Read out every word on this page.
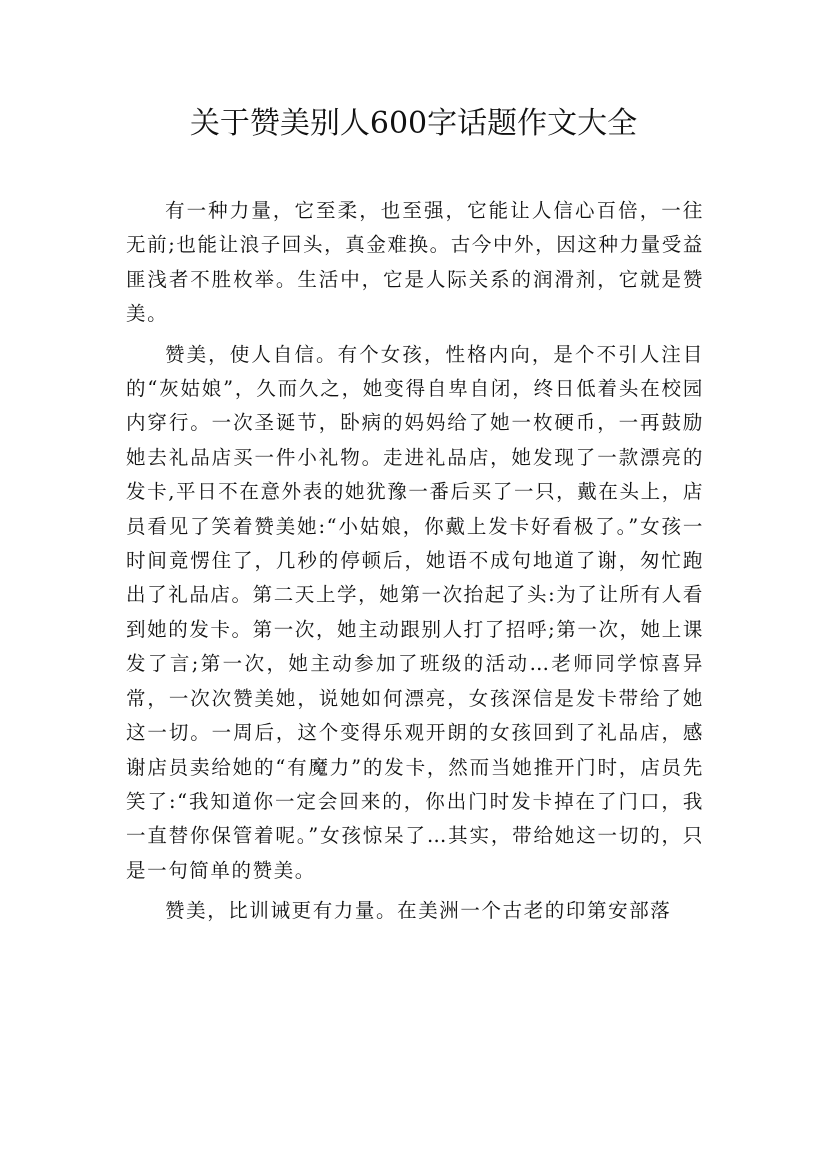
关于赞美别人600字话题作文大全

有一种力量，它至柔，也至强，它能让人信心百倍，一往无前;也能让浪子回头，真金难换。古今中外，因这种力量受益匪浅者不胜枚举。生活中，它是人际关系的润滑剂，它就是赞美。

赞美，使人自信。有个女孩，性格内向，是个不引人注目的“灰姑娘”，久而久之，她变得自卑自闭，终日低着头在校园内穿行。一次圣诞节，卧病的妈妈给了她一枚硬币，一再鼓励她去礼品店买一件小礼物。走进礼品店，她发现了一款漂亮的发卡,平日不在意外表的她犹豫一番后买了一只，戴在头上，店员看见了笑着赞美她:“小姑娘，你戴上发卡好看极了。”女孩一时间竟愣住了，几秒的停顿后，她语不成句地道了谢，匆忙跑出了礼品店。第二天上学，她第一次抬起了头:为了让所有人看到她的发卡。第一次，她主动跟别人打了招呼;第一次，她上课发了言;第一次，她主动参加了班级的活动…老师同学惊喜异常，一次次赞美她，说她如何漂亮，女孩深信是发卡带给了她这一切。一周后，这个变得乐观开朗的女孩回到了礼品店，感谢店员卖给她的“有魔力”的发卡，然而当她推开门时，店员先笑了:“我知道你一定会回来的，你出门时发卡掉在了门口，我一直替你保管着呢。”女孩惊呆了…其实，带给她这一切的，只是一句简单的赞美。

赞美，比训诫更有力量。在美洲一个古老的印第安部落
